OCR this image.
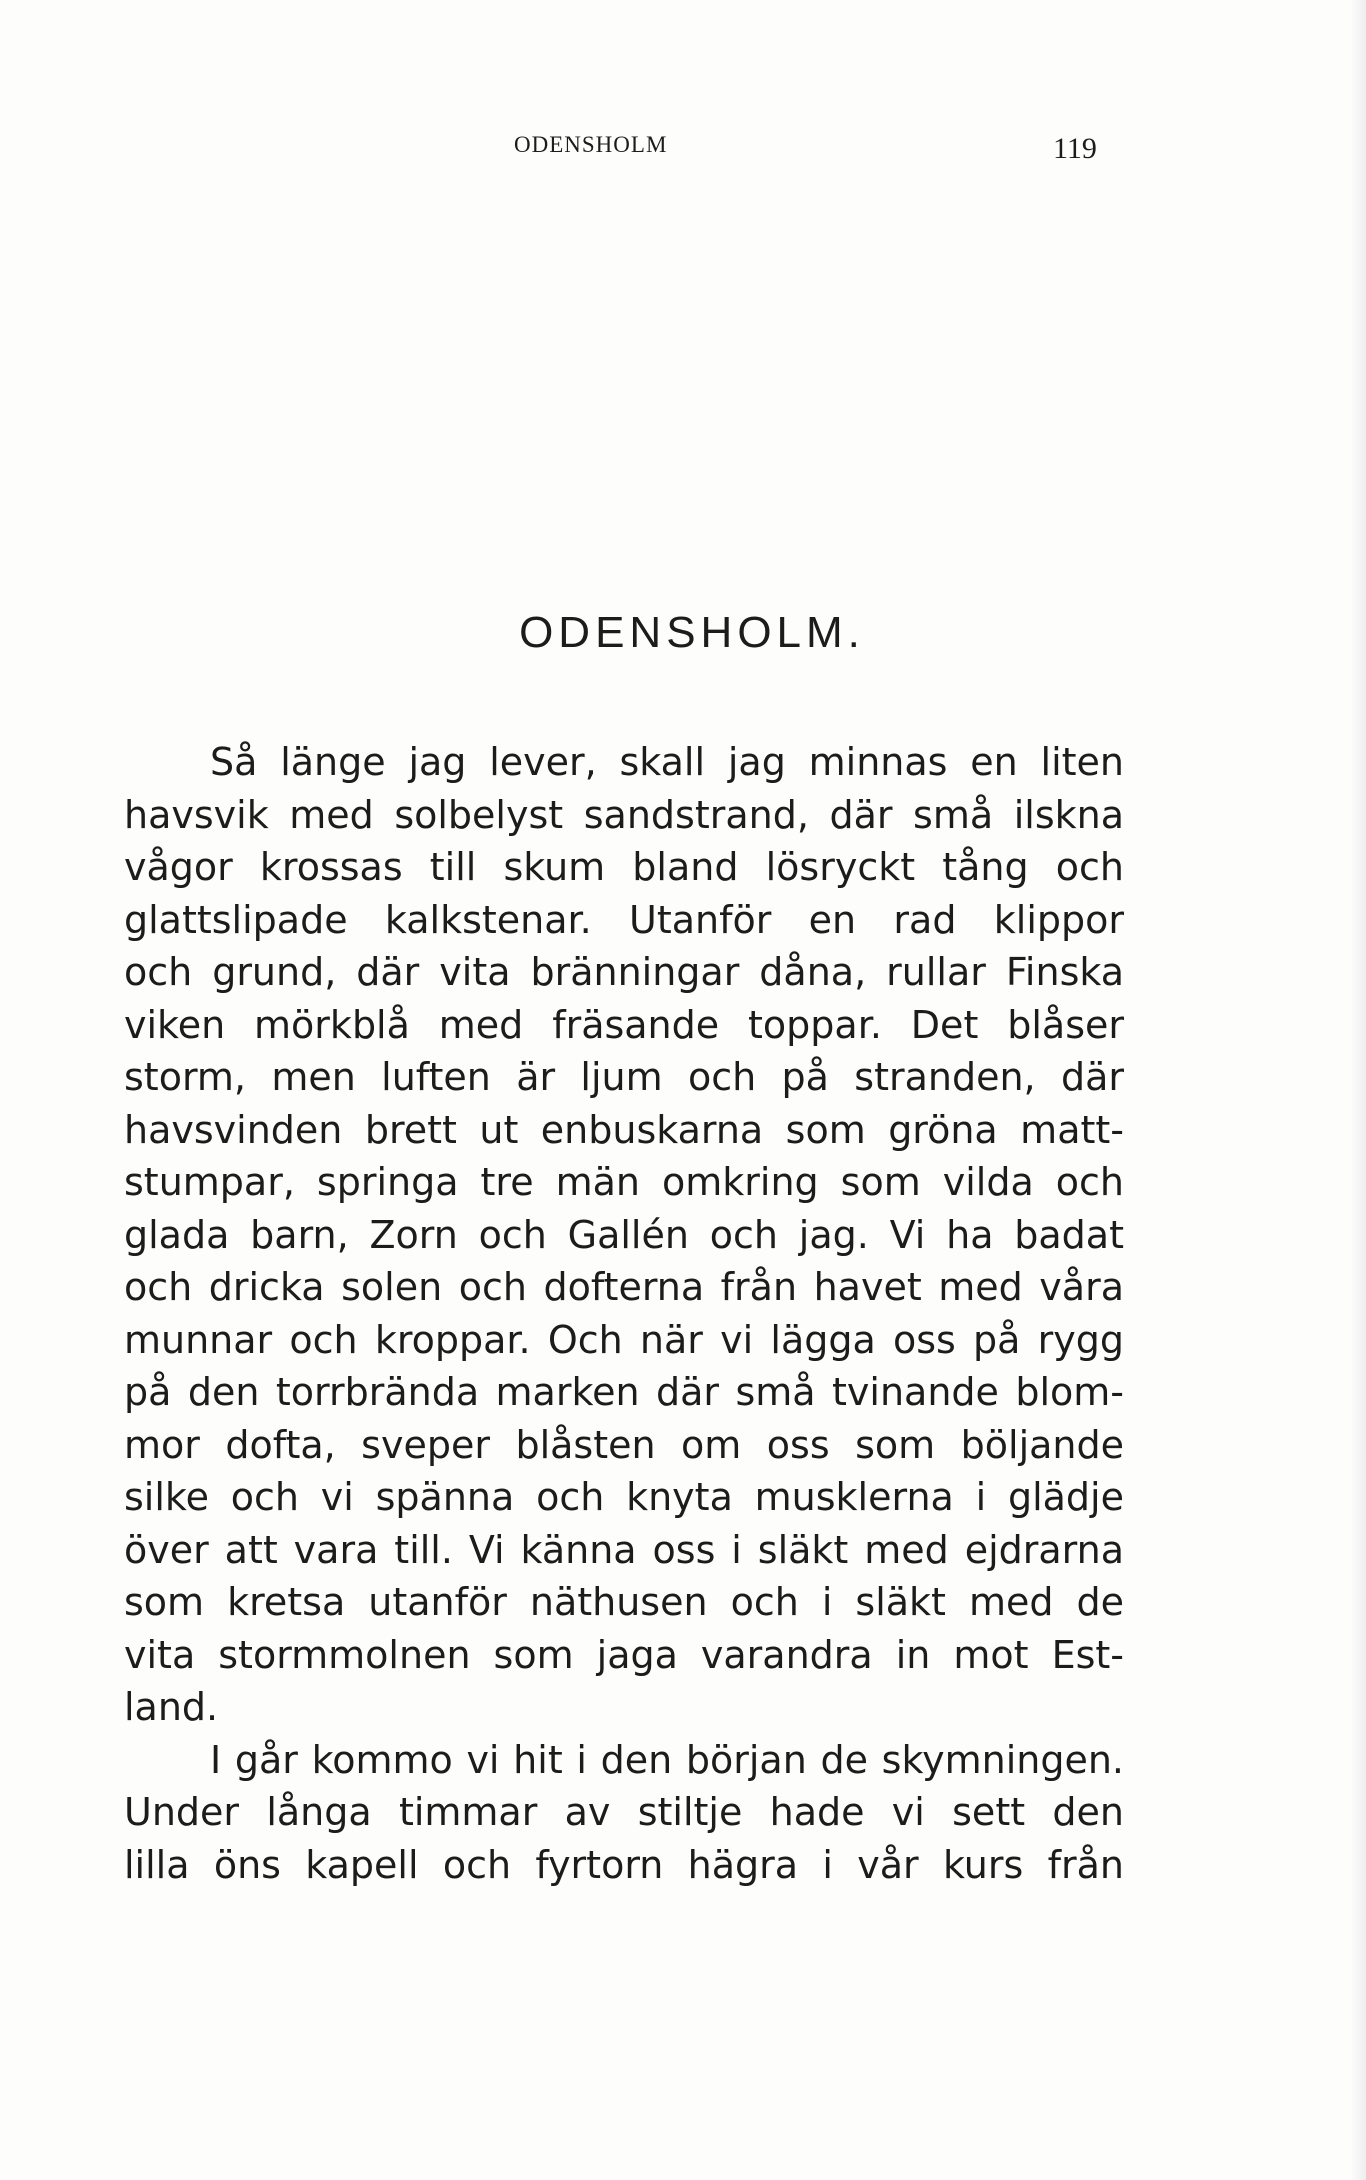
ODENSHOLM	119
ODENSHOLM.
Så länge jag lever, skall jag minnas en liten
havsvik med solbelyst sandstrand, där små ilskna
vågor krossas till skum bland lösryckt tång och
glattslipade kalkstenar. Utanför en rad klippor
och grund, där vita bränningar dåna, rullar Finska
viken mörkblå med fräsande toppar. Det blåser
storm, men luften är ljum och på stranden, där
havsvinden brett ut enbuskarna som gröna matt-
stumpar, springa tre män omkring som vilda och
glada barn, Zorn och Gallén och jag. Vi ha badat
och dricka solen och dofterna från havet med våra
munnar och kroppar. Och när vi lägga oss på rygg
på den torrbrända marken där små tvinande blom-
mor dofta, sveper blåsten om oss som böljande
silke och vi spänna och knyta musklerna i glädje
över att vara till. Vi känna oss i släkt med ejdrarna
som kretsa utanför näthusen och i släkt med de
vita stormmolnen som jaga varandra in mot Est-
land.
I går kommo vi hit i den början de skymningen.
Under långa timmar av stiltje hade vi sett den
lilla öns kapell och fyrtorn hägra i vår kurs från
